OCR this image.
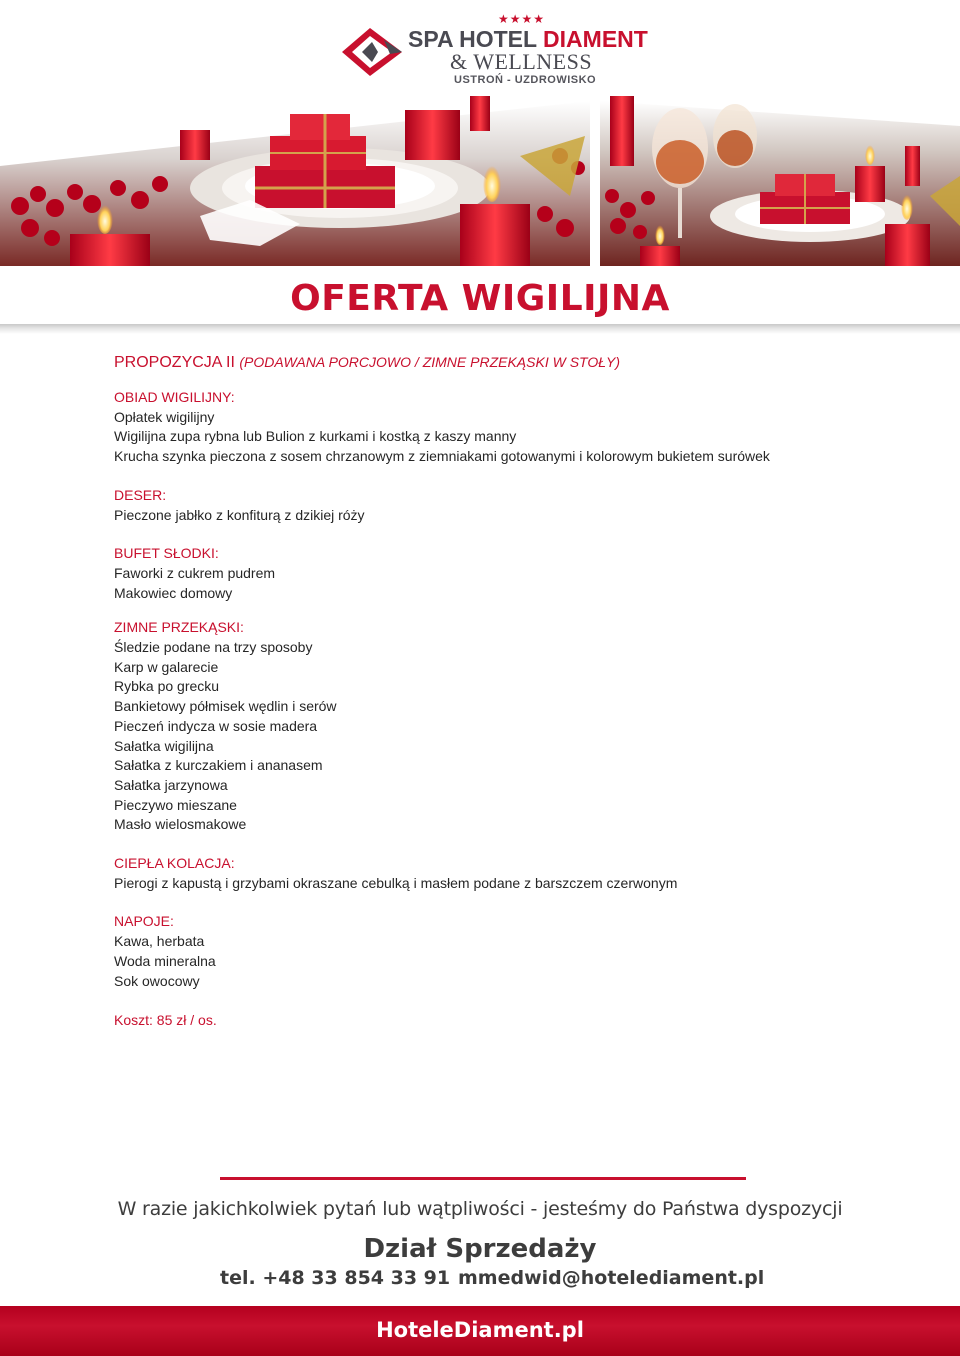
★★★★
SPA HOTEL DIAMENT
& WELLNESS
USTROŃ - UZDROWISKO
OFERTA WIGILIJNA
PROPOZYCJA II (PODAWANA PORCJOWO / ZIMNE PRZEKĄSKI W STOŁY)
OBIAD WIGILIJNY:
Opłatek wigilijny
Wigilijna zupa rybna lub Bulion z kurkami i kostką z kaszy manny
Krucha szynka pieczona z sosem chrzanowym z ziemniakami gotowanymi i kolorowym bukietem surówek
DESER:
Pieczone jabłko z konfiturą z dzikiej róży
BUFET SŁODKI:
Faworki z cukrem pudrem
Makowiec domowy
ZIMNE PRZEKĄSKI:
Śledzie podane na trzy sposoby
Karp w galarecie
Rybka po grecku
Bankietowy półmisek wędlin i serów
Pieczeń indycza w sosie madera
Sałatka wigilijna
Sałatka z kurczakiem i ananasem
Sałatka jarzynowa
Pieczywo mieszane
Masło wielosmakowe
CIEPŁA KOLACJA:
Pierogi z kapustą i grzybami okraszane cebulką i masłem podane z barszczem czerwonym
NAPOJE:
Kawa, herbata
Woda mineralna
Sok owocowy
Koszt: 85 zł / os.
W razie jakichkolwiek pytań lub wątpliwości - jesteśmy do Państwa dyspozycji
Dział Sprzedaży
tel. +48 33 854 33 91 mmedwid@hotelediament.pl
HoteleDiament.pl
